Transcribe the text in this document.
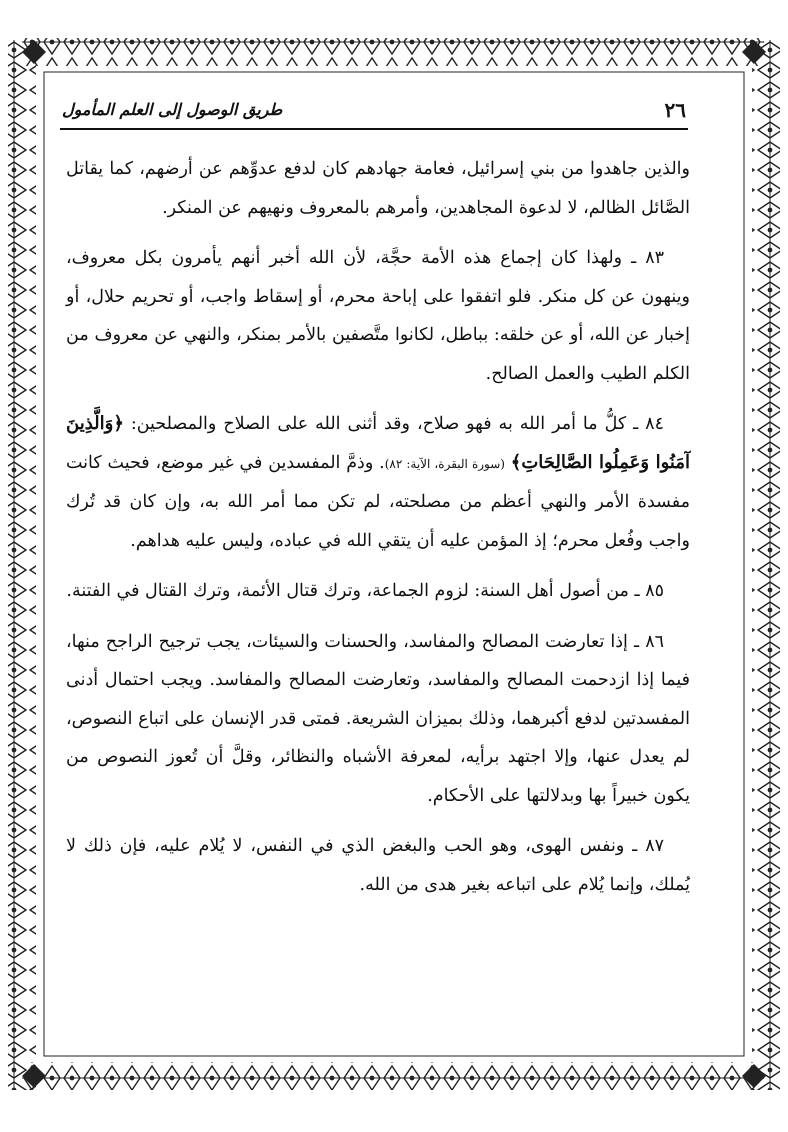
٢٦
طريق الوصول إلى العلم المأمول

والذين جاهدوا من بني إسرائيل، فعامة جهادهم كان لدفع عدوِّهم عن أرضهم، كما يقاتل الصَّائل الظالم، لا لدعوة المجاهدين، وأمرهم بالمعروف ونهيهم عن المنكر.

٨٣ ـ ولهذا كان إجماع هذه الأمة حجَّة، لأن الله أخبر أنهم يأمرون بكل معروف، وينهون عن كل منكر. فلو اتفقوا على إباحة محرم، أو إسقاط واجب، أو تحريم حلال، أو إخبار عن الله، أو عن خلقه: بباطل، لكانوا متَّصفين بالأمر بمنكر، والنهي عن معروف من الكلم الطيب والعمل الصالح.

٨٤ ـ كلُّ ما أمر الله به فهو صلاح، وقد أثنى الله على الصلاح والمصلحين: ﴿وَالَّذِينَ آمَنُوا وَعَمِلُوا الصَّالِحَاتِ﴾ (سورة البقرة، الآية: ٨٢). وذمَّ المفسدين في غير موضع، فحيث كانت مفسدة الأمر والنهي أعظم من مصلحته، لم تكن مما أمر الله به، وإن كان قد تُرك واجب وفُعل محرم؛ إذ المؤمن عليه أن يتقي الله في عباده، وليس عليه هداهم.

٨٥ ـ من أصول أهل السنة: لزوم الجماعة، وترك قتال الأئمة، وترك القتال في الفتنة.

٨٦ ـ إذا تعارضت المصالح والمفاسد، والحسنات والسيئات، يجب ترجيح الراجح منها، فيما إذا ازدحمت المصالح والمفاسد، وتعارضت المصالح والمفاسد. ويجب احتمال أدنى المفسدتين لدفع أكبرهما، وذلك بميزان الشريعة. فمتى قدر الإنسان على اتباع النصوص، لم يعدل عنها، وإلا اجتهد برأيه، لمعرفة الأشباه والنظائر، وقلَّ أن تُعوز النصوص من يكون خبيراً بها وبدلالتها على الأحكام.

٨٧ ـ ونفس الهوى، وهو الحب والبغض الذي في النفس، لا يُلام عليه، فإن ذلك لا يُملك، وإنما يُلام على اتباعه بغير هدى من الله.
